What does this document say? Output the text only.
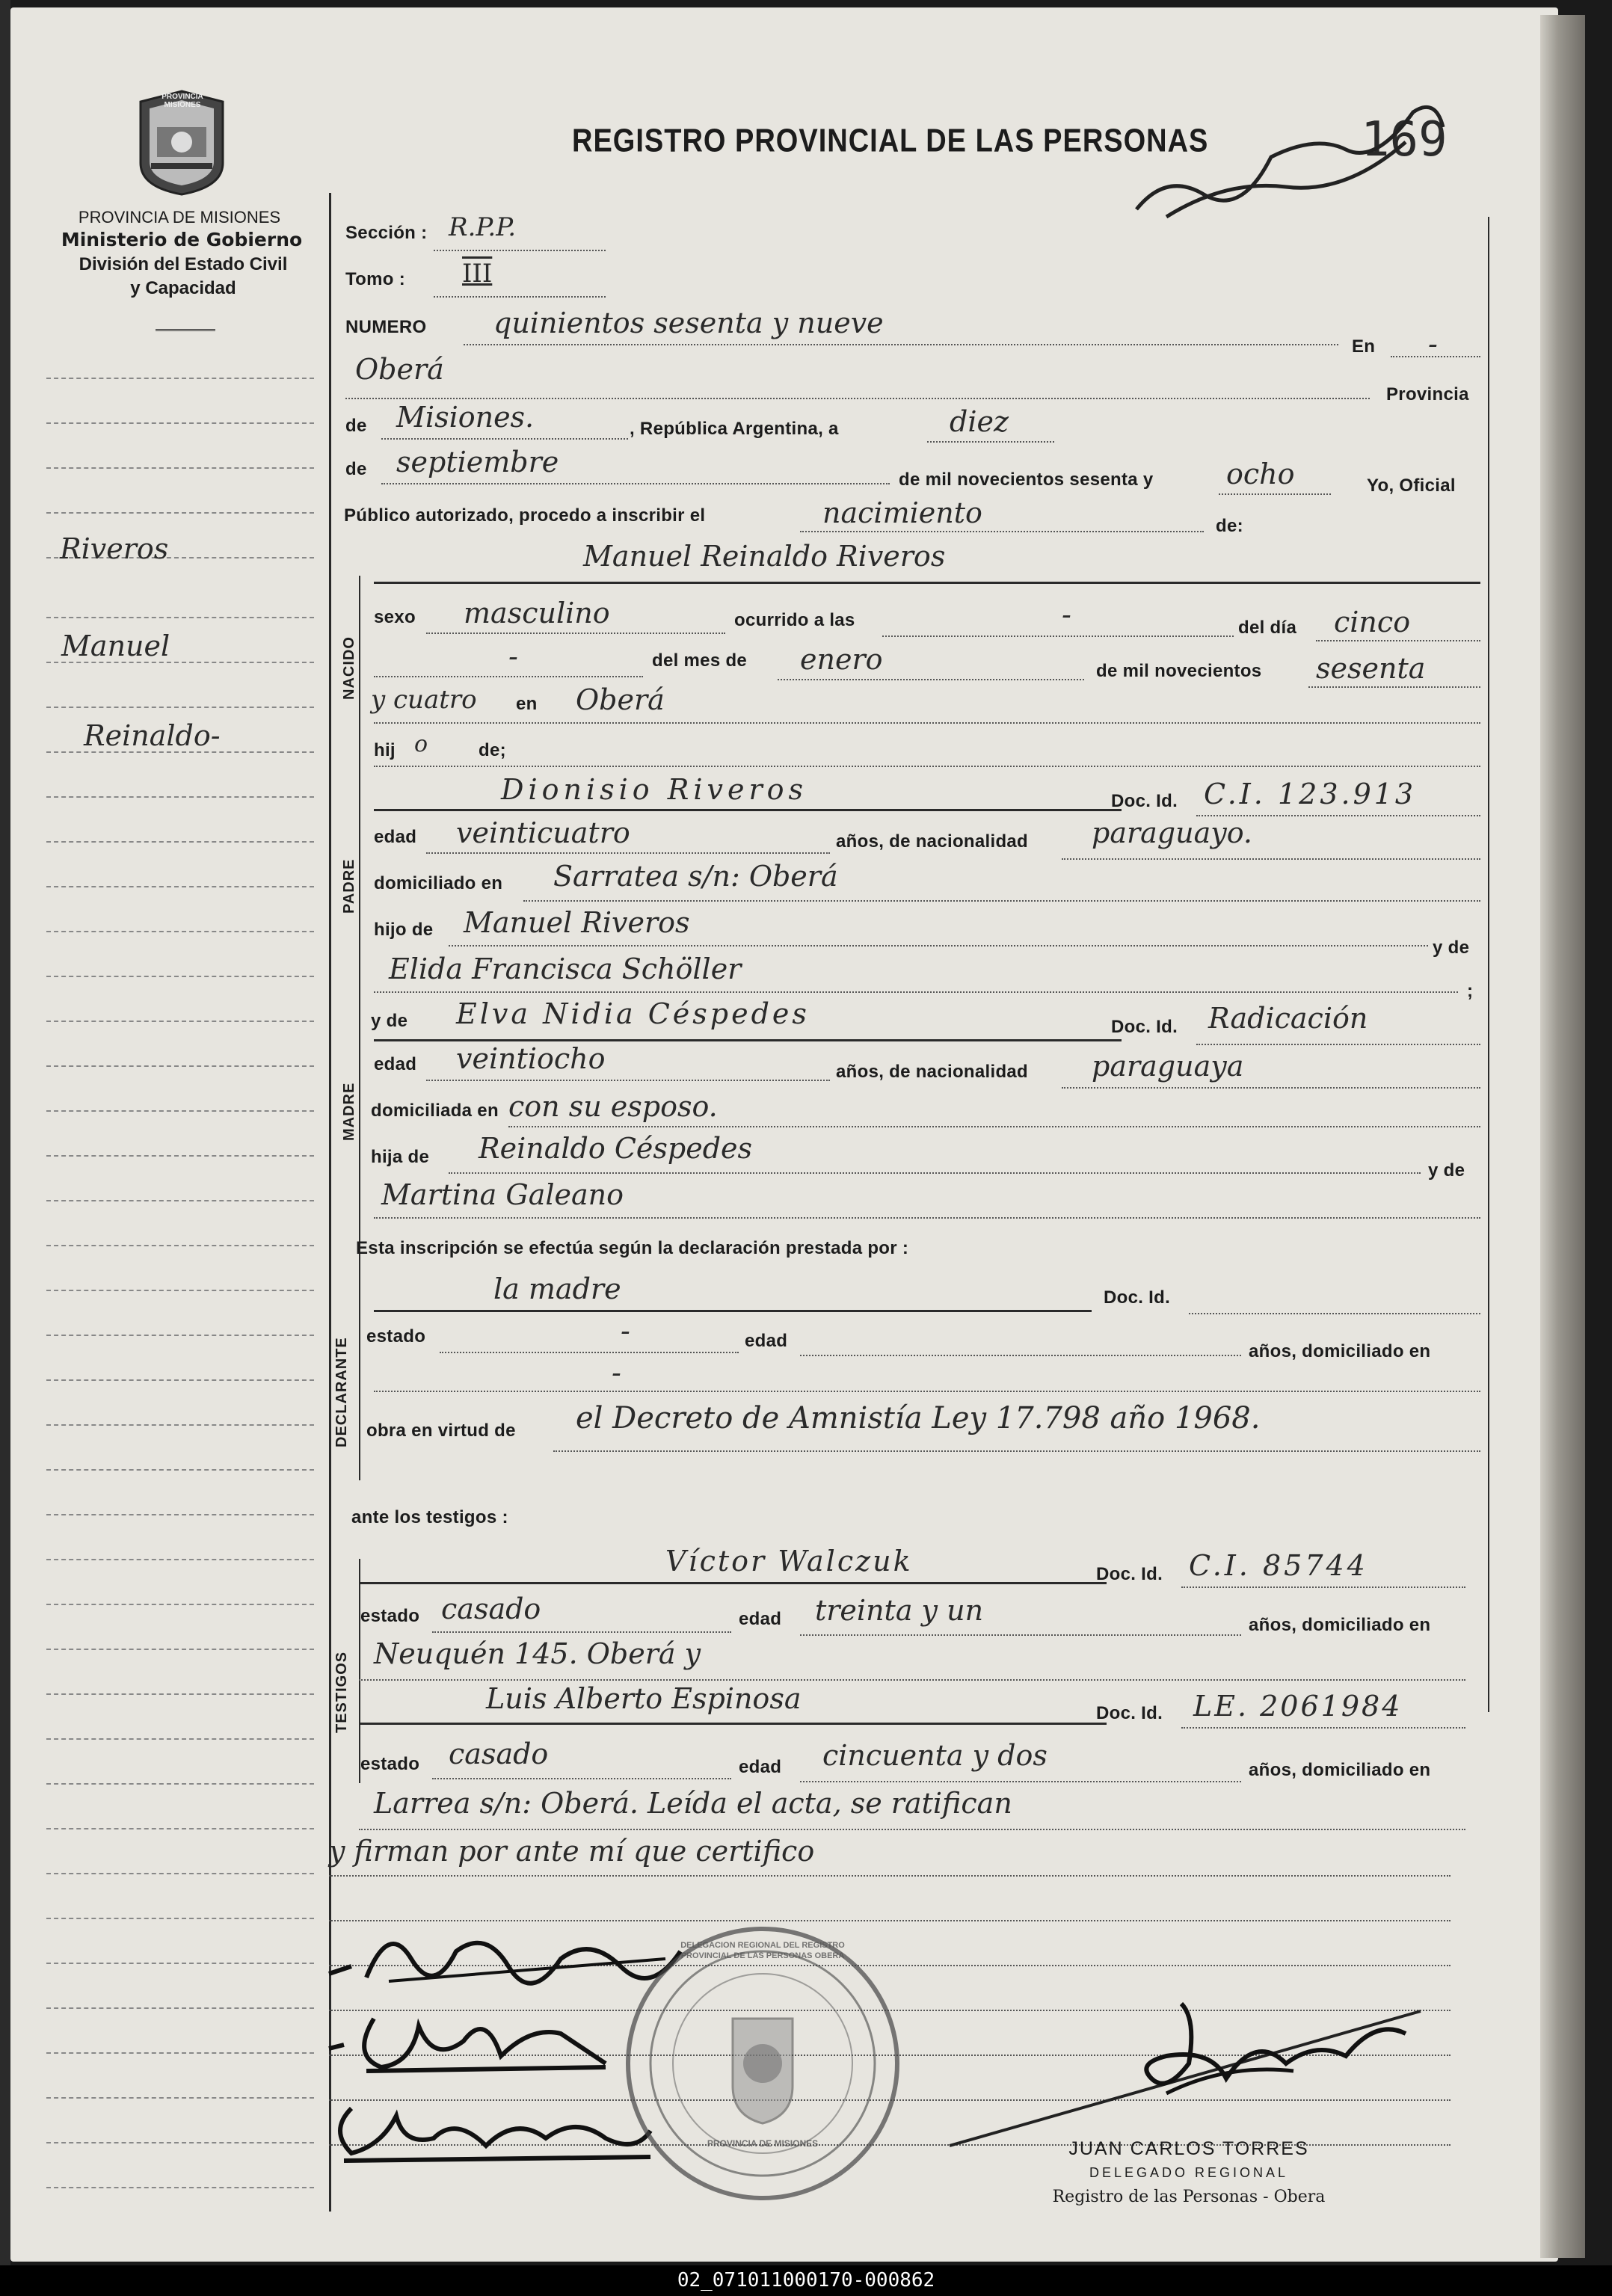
PROVINCIA MISIONES
PROVINCIA DE MISIONES
Ministerio de Gobierno
División del Estado Civil
y Capacidad
REGISTRO PROVINCIAL DE LAS PERSONAS	169
Riveros
Manuel
Reinaldo-
Sección : R.P.P.
Tomo : III
NUMERO quinientos sesenta y nueve
En -
Oberá
Provincia
de Misiones.	, República Argentina, a	diez
de septiembre
de mil novecientos sesenta y	ocho	Yo, Oficial
Público autorizado, procedo a inscribir el	nacimiento	de:
NACIDO
Manuel Reinaldo Riveros
sexo masculino	ocurrido a las	-	del día cinco
-	del mes de enero	de mil novecientos sesenta
y cuatro en Oberá
hij o	de;
PADRE
Dionisio Riveros	Doc. Id. C.I. 123.913
edad veinticuatro	años, de nacionalidad paraguayo.
domiciliado en Sarratea s/n: Oberá
hijo de Manuel Riveros
y de
Elida Francisca Schöller
;
MADRE
y de Elva Nidia Céspedes	Doc. Id. Radicación
edad veintiocho	años, de nacionalidad paraguaya
domiciliada en con su esposo.
hija de Reinaldo Céspedes
y de
Martina Galeano
Esta inscripción se efectúa según la declaración prestada por :
DECLARANTE
la madre	Doc. Id.
estado	-	edad
años, domiciliado en
-
obra en virtud de el Decreto de Amnistía Ley 17.798 año 1968.
ante los testigos :
TESTIGOS
Víctor Walczuk	Doc. Id. C.I. 85744
estado casado	edad treinta y un	años, domiciliado en
Neuquén 145. Oberá y
Luis Alberto Espinosa	Doc. Id. LE. 2061984
estado casado	edad cincuenta y dos	años, domiciliado en
Larrea s/n: Oberá. Leída el acta, se ratifican
y firman por ante mí que certifico
DELEGACION REGIONAL DEL REGISTRO PROVINCIAL DE LAS PERSONAS OBERA
PROVINCIA DE MISIONES	JUAN CARLOS TORRES
DELEGADO REGIONAL
Registro de las Personas - Obera
02_071011000170-000862
